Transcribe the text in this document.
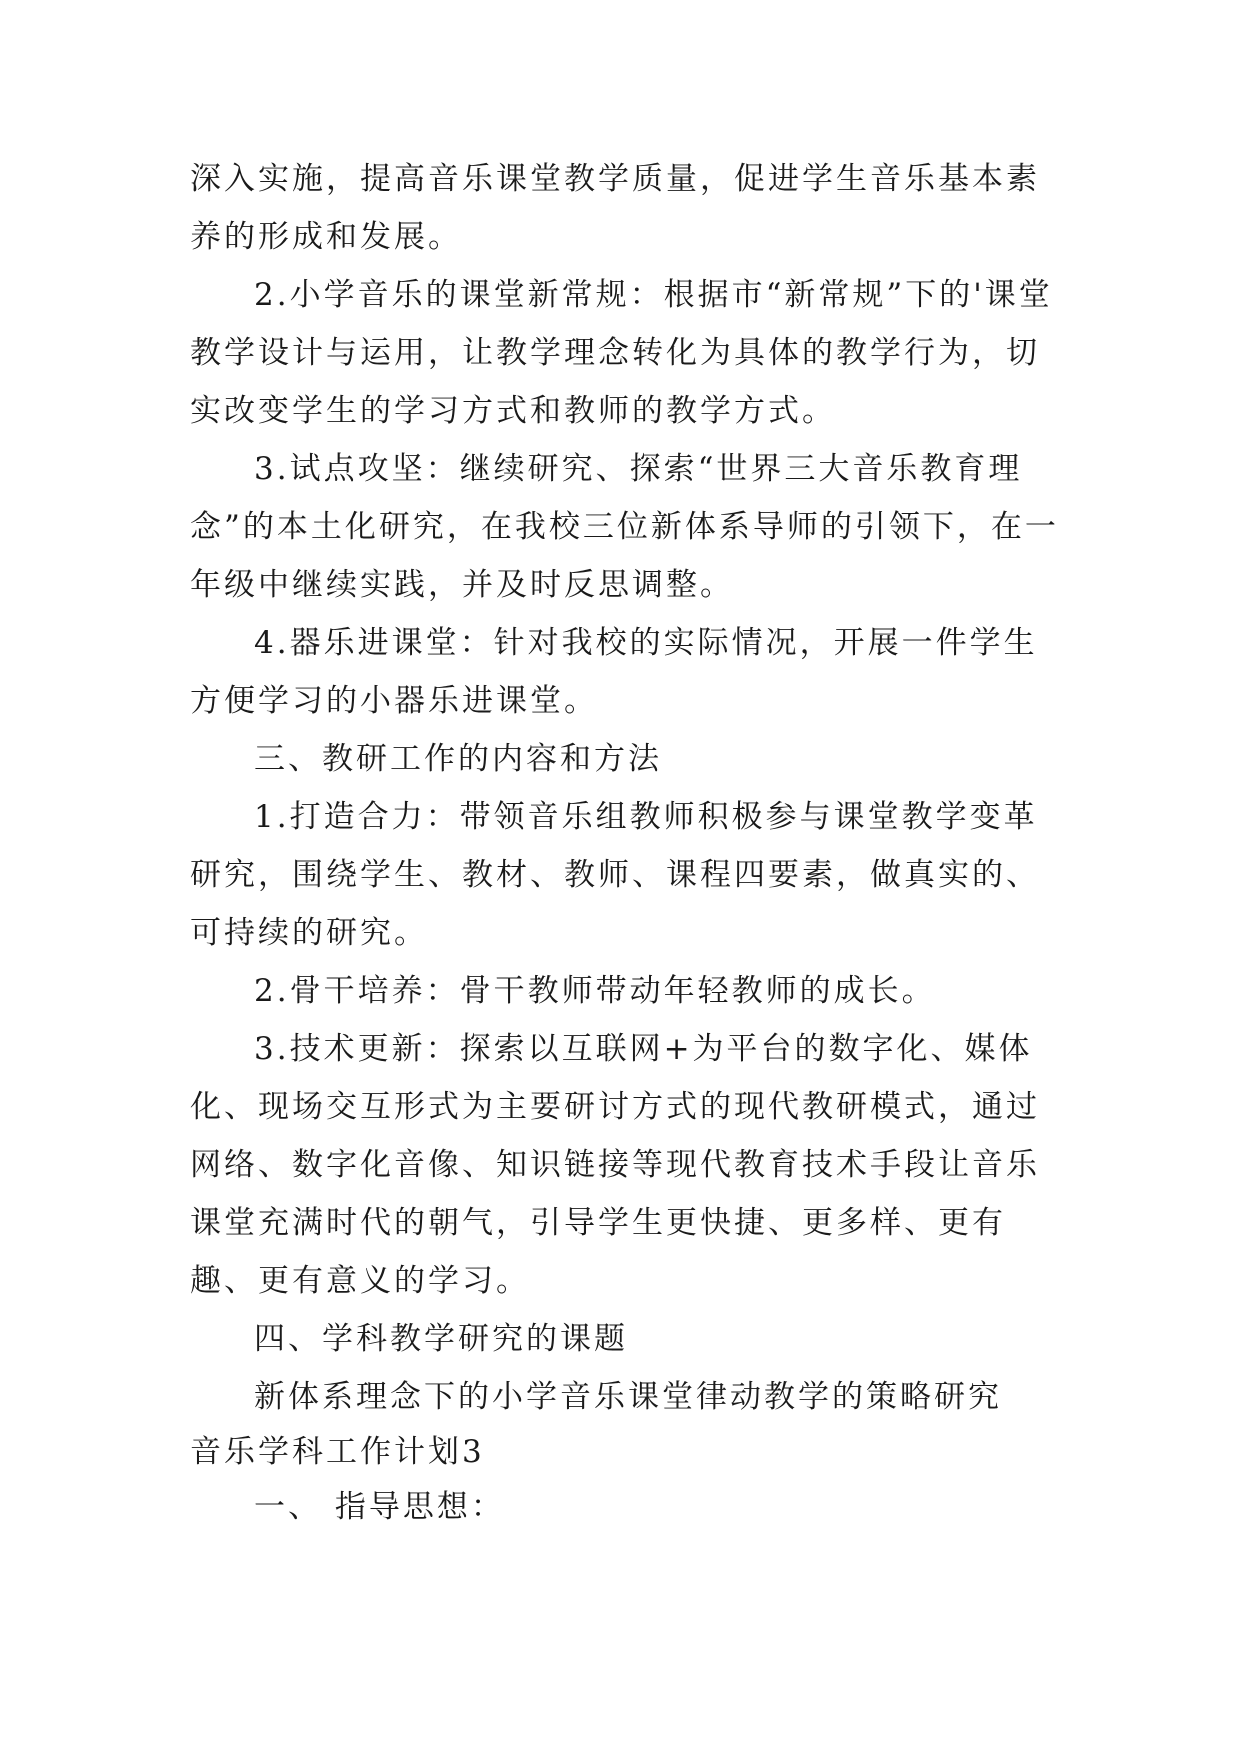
深入实施，提高音乐课堂教学质量，促进学生音乐基本素养的形成和发展。

2.小学音乐的课堂新常规：根据市“新常规”下的'课堂教学设计与运用，让教学理念转化为具体的教学行为，切实改变学生的学习方式和教师的教学方式。

3.试点攻坚：继续研究、探索“世界三大音乐教育理念”的本土化研究，在我校三位新体系导师的引领下，在一年级中继续实践，并及时反思调整。

4.器乐进课堂：针对我校的实际情况，开展一件学生方便学习的小器乐进课堂。

三、教研工作的内容和方法

1.打造合力：带领音乐组教师积极参与课堂教学变革研究，围绕学生、教材、教师、课程四要素，做真实的、可持续的研究。

2.骨干培养：骨干教师带动年轻教师的成长。

3.技术更新：探索以互联网+为平台的数字化、媒体化、现场交互形式为主要研讨方式的现代教研模式，通过网络、数字化音像、知识链接等现代教育技术手段让音乐课堂充满时代的朝气，引导学生更快捷、更多样、更有趣、更有意义的学习。

四、学科教学研究的课题

新体系理念下的小学音乐课堂律动教学的策略研究

音乐学科工作计划3

一、 指导思想：
